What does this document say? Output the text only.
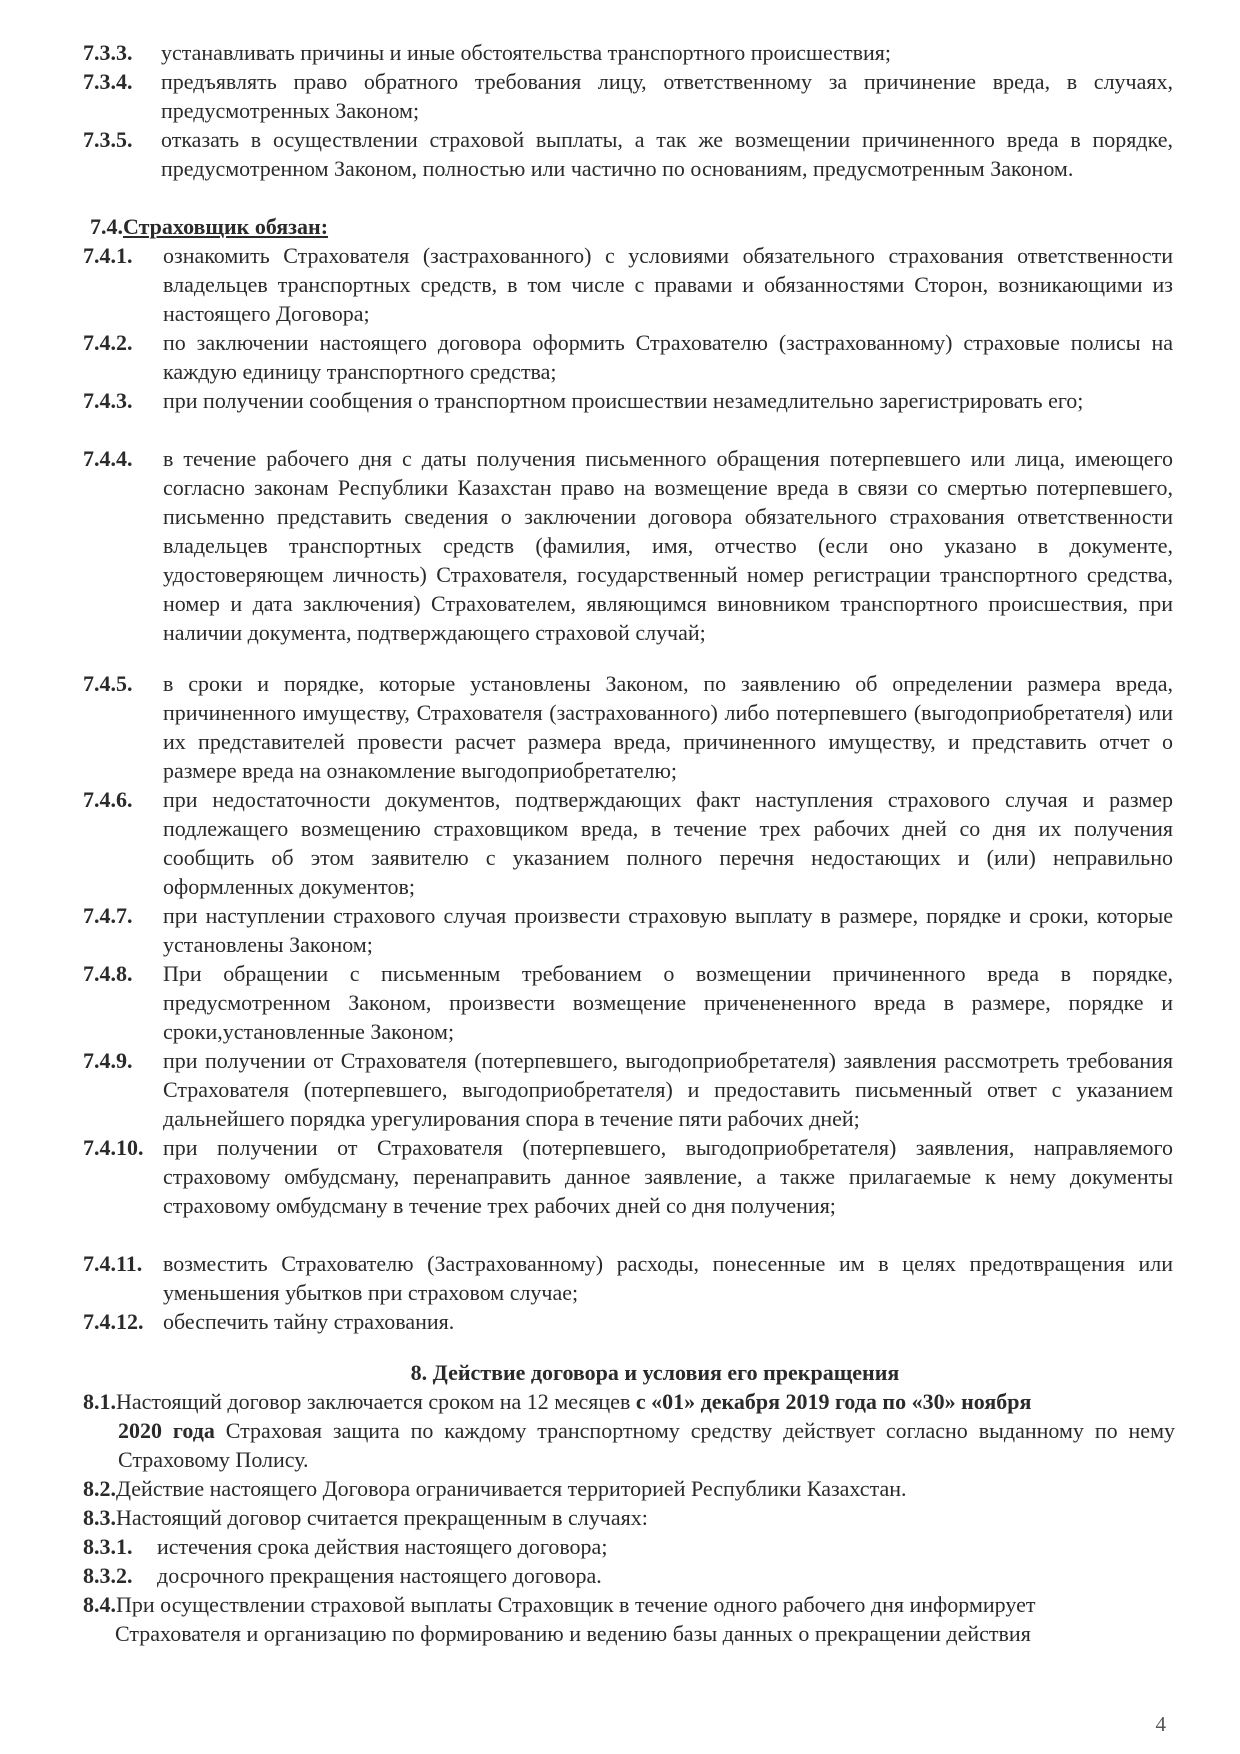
7.3.3.	устанавливать причины и иные обстоятельства транспортного происшествия;
7.3.4.	предъявлять право обратного требования лицу, ответственному за причинение вреда, в случаях, предусмотренных Законом;
7.3.5.	отказать в осуществлении страховой выплаты, а так же возмещении причиненного вреда в порядке, предусмотренном Законом, полностью или частично по основаниям, предусмотренным Законом.
7.4.Страховщик обязан:
7.4.1.	ознакомить Страхователя (застрахованного) с условиями обязательного страхования ответственности владельцев транспортных средств, в том числе с правами и обязанностями Сторон, возникающими из настоящего Договора;
7.4.2.	по заключении настоящего договора оформить Страхователю (застрахованному) страховые полисы на каждую единицу транспортного средства;
7.4.3.	при получении сообщения о транспортном происшествии незамедлительно зарегистрировать его;
7.4.4.	в течение рабочего дня с даты получения письменного обращения потерпевшего или лица, имеющего согласно законам Республики Казахстан право на возмещение вреда в связи со смертью потерпевшего, письменно представить сведения о заключении договора обязательного страхования ответственности владельцев транспортных средств (фамилия, имя, отчество (если оно указано в документе, удостоверяющем личность) Страхователя, государственный номер регистрации транспортного средства, номер и дата заключения) Страхователем, являющимся виновником транспортного происшествия, при наличии документа, подтверждающего страховой случай;
7.4.5.	в сроки и порядке, которые установлены Законом, по заявлению об определении размера вреда, причиненного имуществу, Страхователя (застрахованного) либо потерпевшего (выгодоприобретателя) или их представителей провести расчет размера вреда, причиненного имуществу, и представить отчет о размере вреда на ознакомление выгодоприобретателю;
7.4.6.	при недостаточности документов, подтверждающих факт наступления страхового случая и размер подлежащего возмещению страховщиком вреда, в течение трех рабочих дней со дня их получения сообщить об этом заявителю с указанием полного перечня недостающих и (или) неправильно оформленных документов;
7.4.7.	при наступлении страхового случая произвести страховую выплату в размере, порядке и сроки, которые установлены Законом;
7.4.8.	При обращении с письменным требованием о возмещении причиненного вреда в порядке, предусмотренном Законом, произвести возмещение приченененного вреда в размере, порядке и сроки,установленные Законом;
7.4.9.	при получении от Страхователя (потерпевшего, выгодоприобретателя) заявления рассмотреть требования Страхователя (потерпевшего, выгодоприобретателя) и предоставить письменный ответ с указанием дальнейшего порядка урегулирования спора в течение пяти рабочих дней;
7.4.10. при получении от Страхователя (потерпевшего, выгодоприобретателя) заявления, направляемого страховому омбудсману, перенаправить данное заявление, а также прилагаемые к нему документы страховому омбудсману в течение трех рабочих дней со дня получения;
7.4.11. возместить Страхователю (Застрахованному) расходы, понесенные им в целях предотвращения или уменьшения убытков при страховом случае;
7.4.12. обеспечить тайну страхования.
8. Действие договора и условия его прекращения
8.1.Настоящий договор заключается сроком на 12 месяцев с «01» декабря 2019 года по «30» ноября
2020 года Страховая защита по каждому транспортному средству действует согласно выданному по нему Страховому Полису.
8.2.Действие настоящего Договора ограничивается территорией Республики Казахстан.
8.3.Настоящий договор считается прекращенным в случаях:
8.3.1.	истечения срока действия настоящего договора;
8.3.2.	досрочного прекращения настоящего договора.
8.4.При осуществлении страховой выплаты Страховщик в течение одного рабочего дня информирует
Страхователя и организацию по формированию и ведению базы данных о прекращении действия
4
